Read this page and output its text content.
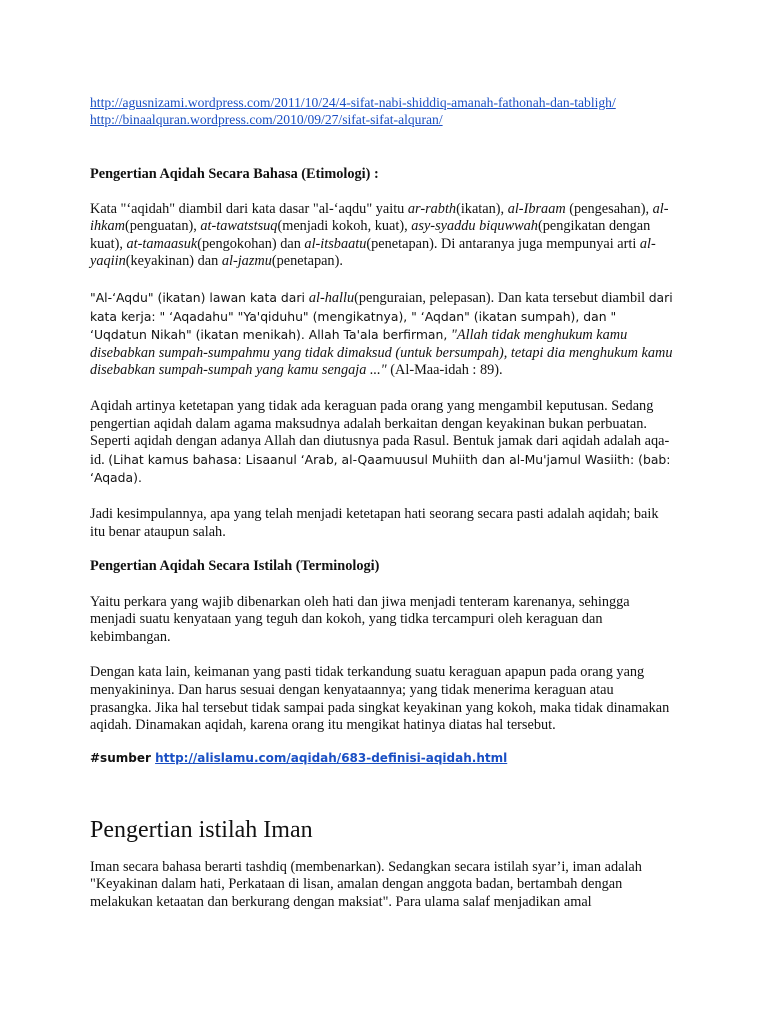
http://agusnizami.wordpress.com/2011/10/24/4-sifat-nabi-shiddiq-amanah-fathonah-dan-tabligh/
http://binaalquran.wordpress.com/2010/09/27/sifat-sifat-alquran/

Pengertian Aqidah Secara Bahasa (Etimologi) :

Kata "‘aqidah" diambil dari kata dasar "al-‘aqdu" yaitu ar-rabth(ikatan), al-Ibraam (pengesahan), al-ihkam(penguatan), at-tawatstsuq(menjadi kokoh, kuat), asy-syaddu biquwwah(pengikatan dengan kuat), at-tamaasuk(pengokohan) dan al-itsbaatu(penetapan). Di antaranya juga mempunyai arti al-yaqiin(keyakinan) dan al-jazmu(penetapan).

"Al-‘Aqdu" (ikatan) lawan kata dari al-hallu(penguraian, pelepasan). Dan kata tersebut diambil dari kata kerja: " ‘Aqadahu" "Ya'qiduhu" (mengikatnya), " ‘Aqdan" (ikatan sumpah), dan " ‘Uqdatun Nikah" (ikatan menikah). Allah Ta'ala berfirman, "Allah tidak menghukum kamu disebabkan sumpah-sumpahmu yang tidak dimaksud (untuk bersumpah), tetapi dia menghukum kamu disebabkan sumpah-sumpah yang kamu sengaja ..." (Al-Maa-idah : 89).

Aqidah artinya ketetapan yang tidak ada keraguan pada orang yang mengambil keputusan. Sedang pengertian aqidah dalam agama maksudnya adalah berkaitan dengan keyakinan bukan perbuatan. Seperti aqidah dengan adanya Allah dan diutusnya pada Rasul. Bentuk jamak dari aqidah adalah aqa-id. (Lihat kamus bahasa: Lisaanul ‘Arab, al-Qaamuusul Muhiith dan al-Mu'jamul Wasiith: (bab: ‘Aqada).

Jadi kesimpulannya, apa yang telah menjadi ketetapan hati seorang secara pasti adalah aqidah; baik itu benar ataupun salah.

Pengertian Aqidah Secara Istilah (Terminologi)

Yaitu perkara yang wajib dibenarkan oleh hati dan jiwa menjadi tenteram karenanya, sehingga menjadi suatu kenyataan yang teguh dan kokoh, yang tidka tercampuri oleh keraguan dan kebimbangan.

Dengan kata lain, keimanan yang pasti tidak terkandung suatu keraguan apapun pada orang yang menyakininya. Dan harus sesuai dengan kenyataannya; yang tidak menerima keraguan atau prasangka. Jika hal tersebut tidak sampai pada singkat keyakinan yang kokoh, maka tidak dinamakan aqidah. Dinamakan aqidah, karena orang itu mengikat hatinya diatas hal tersebut.

#sumber http://alislamu.com/aqidah/683-definisi-aqidah.html

Pengertian istilah Iman

Iman secara bahasa berarti tashdiq (membenarkan). Sedangkan secara istilah syar’i, iman adalah "Keyakinan dalam hati, Perkataan di lisan, amalan dengan anggota badan, bertambah dengan melakukan ketaatan dan berkurang dengan maksiat". Para ulama salaf menjadikan amal
